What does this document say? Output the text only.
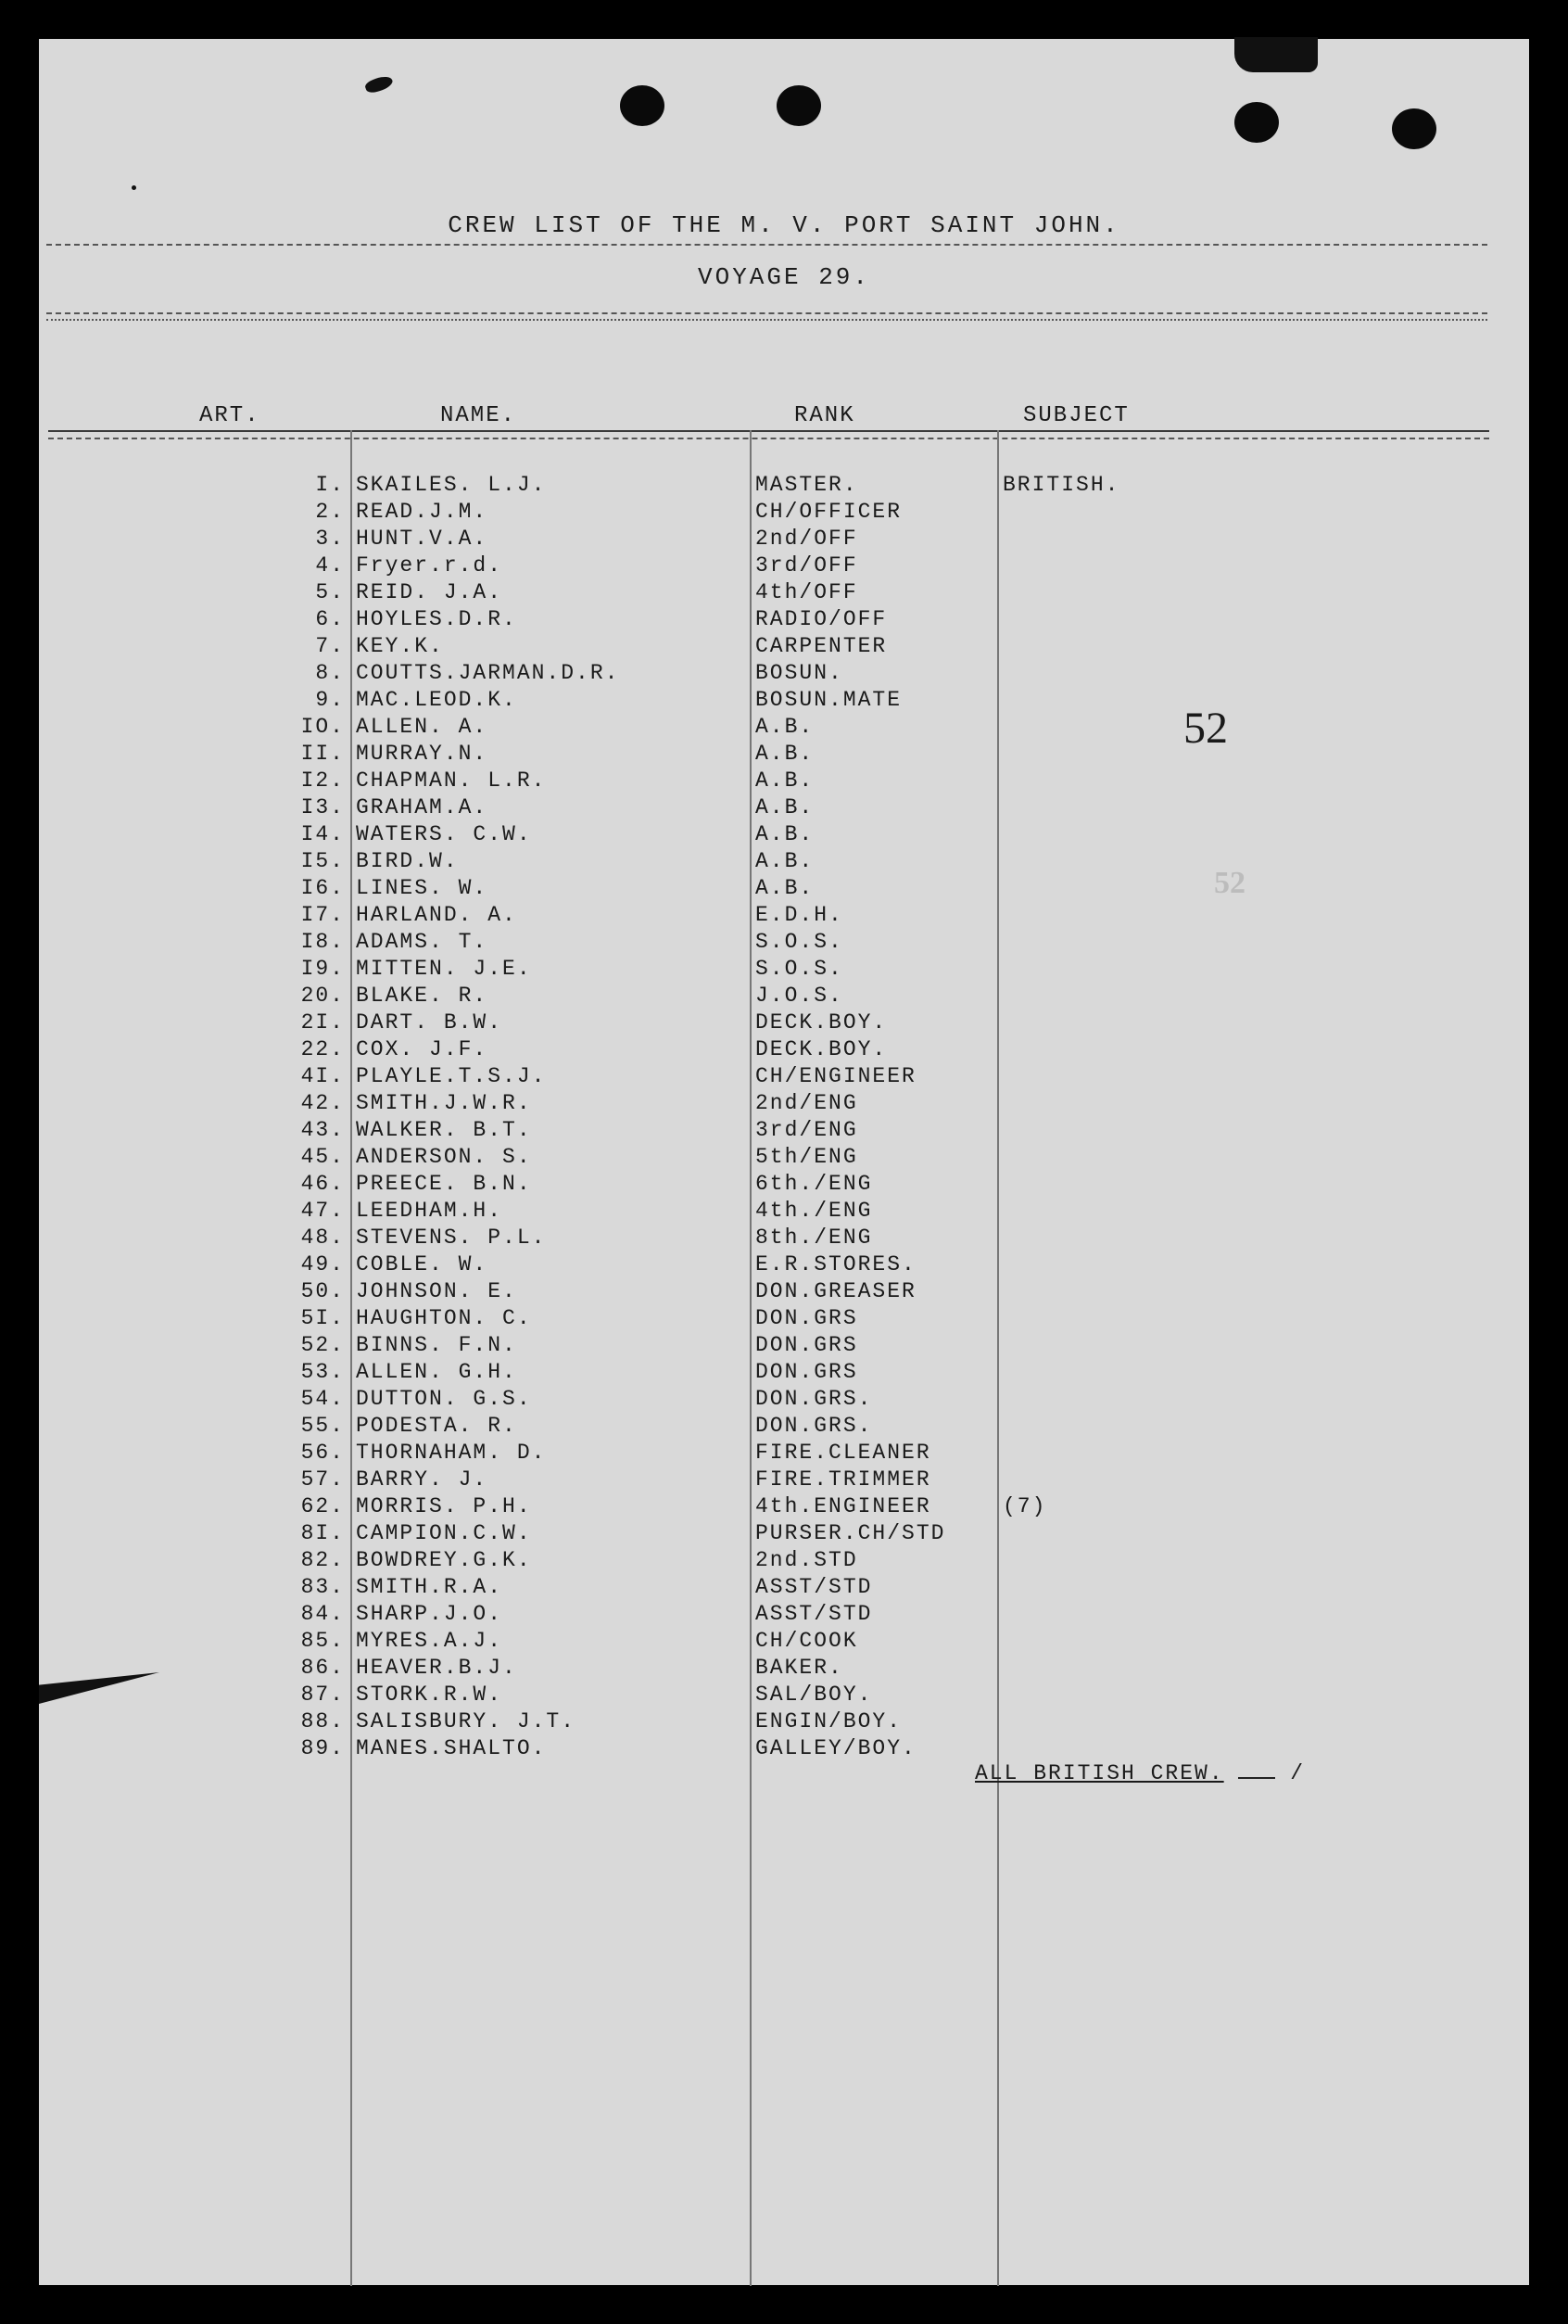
CREW LIST OF THE M. V. PORT SAINT JOHN.
VOYAGE 29.
ART.	NAME.	RANK	SUBJECT
I. SKAILES. L.J.	MASTER.	BRITISH.
2. READ.J.M.	CH/OFFICER
3. HUNT.V.A.	2nd/OFF
4. Fryer.r.d.	3rd/OFF
5. REID. J.A.	4th/OFF
6. HOYLES.D.R.	RADIO/OFF
7. KEY.K.	CARPENTER
8. COUTTS.JARMAN.D.R.	BOSUN.
9. MAC.LEOD.K.	BOSUN.MATE
IO. ALLEN. A.	A.B.
II. MURRAY.N.	A.B.
I2. CHAPMAN. L.R.	A.B.
I3. GRAHAM.A.	A.B.
I4. WATERS. C.W.	A.B.
I5. BIRD.W.	A.B.
I6. LINES. W.	A.B.
I7. HARLAND. A.	E.D.H.
I8. ADAMS. T.	S.O.S.
I9. MITTEN. J.E.	S.O.S.
20. BLAKE. R.	J.O.S.
2I. DART. B.W.	DECK.BOY.
22. COX. J.F.	DECK.BOY.
4I. PLAYLE.T.S.J.	CH/ENGINEER
42. SMITH.J.W.R.	2nd/ENG
43. WALKER. B.T.	3rd/ENG
45. ANDERSON. S.	5th/ENG
46. PREECE. B.N.	6th./ENG
47. LEEDHAM.H.	4th./ENG
48. STEVENS. P.L.	8th./ENG
49. COBLE. W.	E.R.STORES.
50. JOHNSON. E.	DON.GREASER
5I. HAUGHTON. C.	DON.GRS
52. BINNS. F.N.	DON.GRS
53. ALLEN. G.H.	DON.GRS
54. DUTTON. G.S.	DON.GRS.
55. PODESTA. R.	DON.GRS.
56. THORNAHAM. D.	FIRE.CLEANER
57. BARRY. J.	FIRE.TRIMMER
62. MORRIS. P.H.	4th.ENGINEER	(7)
8I. CAMPION.C.W.	PURSER.CH/STD
82. BOWDREY.G.K.	2nd.STD
83. SMITH.R.A.	ASST/STD
84. SHARP.J.O.	ASST/STD
85. MYRES.A.J.	CH/COOK
86. HEAVER.B.J.	BAKER.
87. STORK.R.W.	SAL/BOY.
88. SALISBURY. J.T.	ENGIN/BOY.
89. MANES.SHALTO.	GALLEY/BOY.
ALL BRITISH CREW.	/
52
52
